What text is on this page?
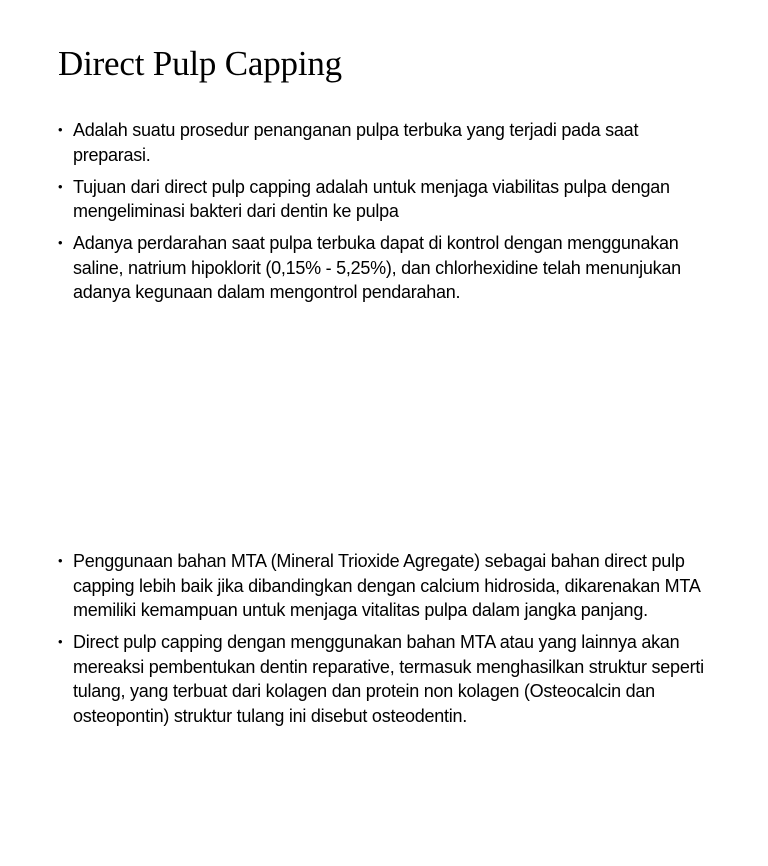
Direct Pulp Capping
• Adalah suatu prosedur penanganan pulpa terbuka yang terjadi pada saat preparasi.
• Tujuan dari direct pulp capping adalah untuk menjaga viabilitas pulpa dengan mengeliminasi bakteri dari dentin ke pulpa
• Adanya perdarahan saat pulpa terbuka dapat di kontrol dengan menggunakan saline, natrium hipoklorit (0,15% - 5,25%), dan chlorhexidine telah menunjukan adanya kegunaan dalam mengontrol pendarahan.
• Penggunaan bahan MTA (Mineral Trioxide Agregate) sebagai bahan direct pulp capping lebih baik jika dibandingkan dengan calcium hidrosida, dikarenakan MTA memiliki kemampuan untuk menjaga vitalitas pulpa dalam jangka panjang.
• Direct pulp capping dengan menggunakan bahan MTA atau yang lainnya akan mereaksi pembentukan dentin reparative, termasuk menghasilkan struktur seperti tulang, yang terbuat dari kolagen dan protein non kolagen (Osteocalcin dan osteopontin) struktur tulang ini disebut osteodentin.
